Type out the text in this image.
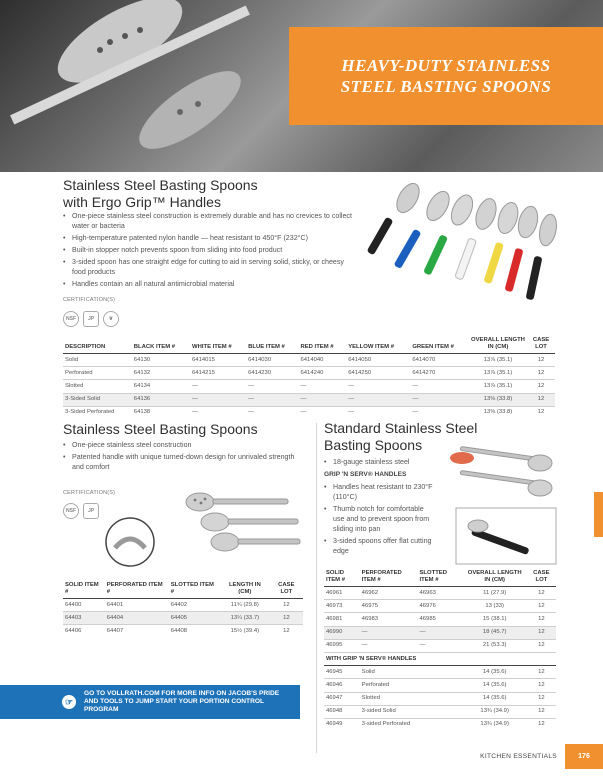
HEAVY-DUTY STAINLESS
STEEL BASTING SPOONS
Stainless Steel Basting Spoons
with Ergo Grip™ Handles
• One-piece stainless steel construction is extremely durable and has no crevices to collect water or bacteria
• High-temperature patented nylon handle — heat resistant to 450°F (232°C)
• Built-in stopper notch prevents spoon from sliding into food product
• 3-sided spoon has one straight edge for cutting to aid in serving solid, sticky, or cheesy food products
• Handles contain an all natural antimicrobial material
CERTIFICATION(S)
NSF	JP	❦
DESCRIPTION	BLACK ITEM #	WHITE ITEM #	BLUE ITEM #	RED ITEM #	YELLOW ITEM #	GREEN ITEM #	OVERALL LENGTH IN (CM)	CASE LOT
Solid	64130	6414015	6414030	6414040	6414050	6414070	13⅞ (35.1)	12
Perforated	64132	6414215	6414230	6414240	6414250	6414270	13⅞ (35.1)	12
Slotted	64134	—	—	—	—	—	13⅞ (35.1)	12
3-Sided Solid	64136	—	—	—	—	—	13⅜ (33.8)	12
3-Sided Perforated	64138	—	—	—	—	—	13⅜ (33.8)	12
Stainless Steel Basting Spoons
• One-piece stainless steel construction
• Patented handle with unique turned-down design for unrivaled strength and comfort
CERTIFICATION(S)
NSF	JP
SOLID ITEM #	PERFORATED ITEM #	SLOTTED ITEM #	LENGTH IN (CM)	CASE LOT
64400	64401	64402	11¾ (29.8)	12
64403	64404	64405	13¼ (33.7)	12
64406	64407	64408	15½ (39.4)	12
Standard Stainless Steel
Basting Spoons
• 18-gauge stainless steel
GRIP 'N SERV® HANDLES
• Handles heat resistant to 230°F (110°C)
• Thumb notch for comfortable use and to prevent spoon from sliding into pan
• 3-sided spoons offer flat cutting edge
SOLID ITEM #	PERFORATED ITEM #	SLOTTED ITEM #	OVERALL LENGTH IN (CM)	CASE LOT
46961	46962	46963	11 (27.9)	12
46973	46975	46976	13 (33)	12
46981	46983	46985	15 (38.1)	12
46990	—	—	18 (45.7)	12
46995	—	—	21 (53.3)	12
WITH GRIP 'N SERV® HANDLES				
46945	Solid		14 (35.6)	12
46946	Perforated		14 (35.6)	12
46947	Slotted		14 (35.6)	12
46948	3-sided Solid		13¾ (34.9)	12
46949	3-sided Perforated		13¾ (34.9)	12
☞
GO TO VOLLRATH.COM FOR MORE INFO ON JACOB'S PRIDE AND TOOLS TO JUMP START YOUR PORTION CONTROL PROGRAM
KITCHEN ESSENTIALS	176
